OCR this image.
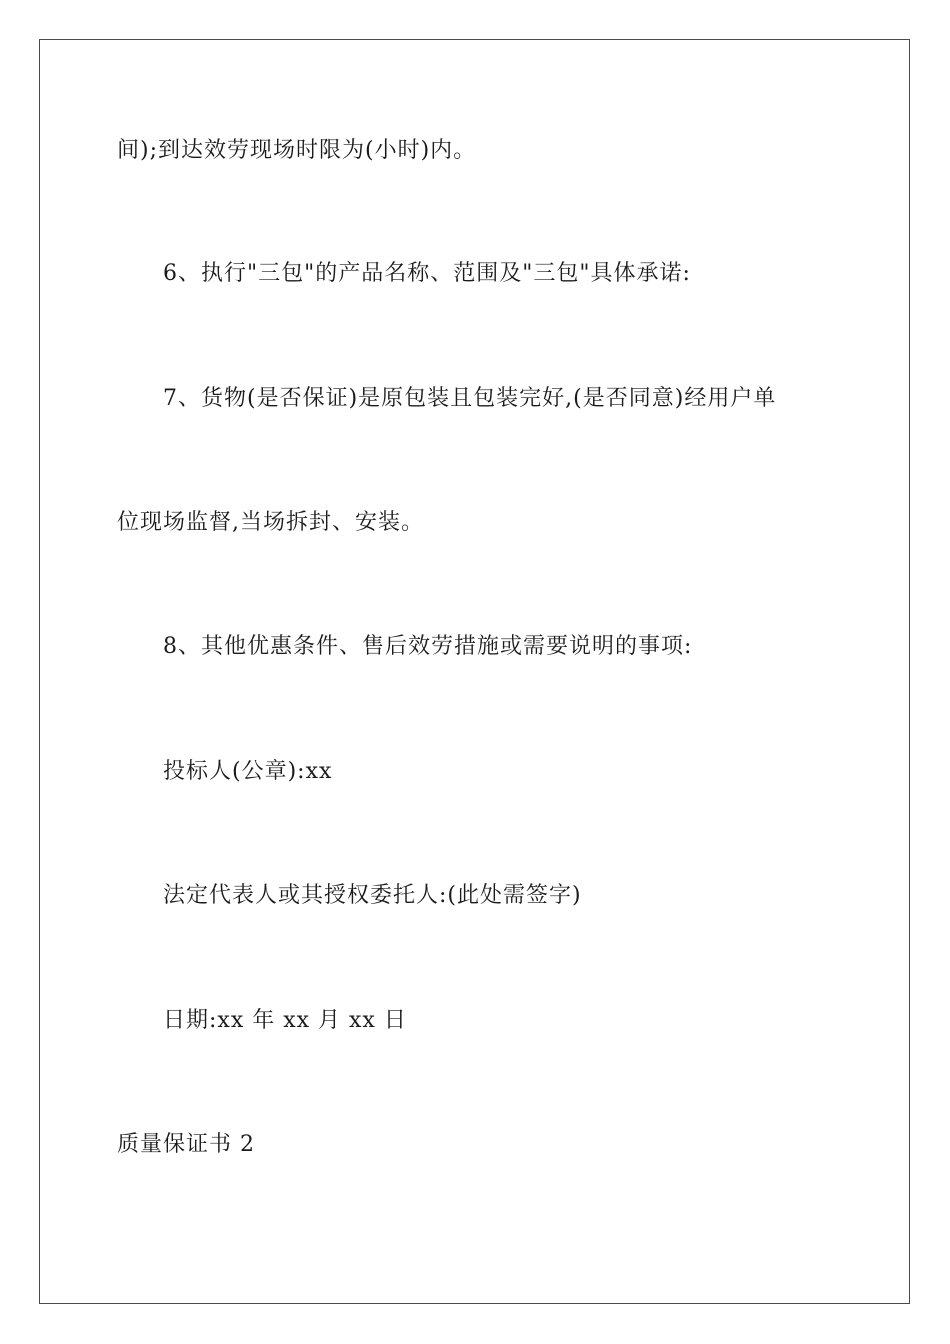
间);到达效劳现场时限为(小时)内。
6、执行"三包"的产品名称、范围及"三包"具体承诺:
7、货物(是否保证)是原包装且包装完好,(是否同意)经用户单
位现场监督,当场拆封、安装。
8、其他优惠条件、售后效劳措施或需要说明的事项:
投标人(公章):xx
法定代表人或其授权委托人:(此处需签字)
日期:xx 年 xx 月 xx 日
质量保证书 2
